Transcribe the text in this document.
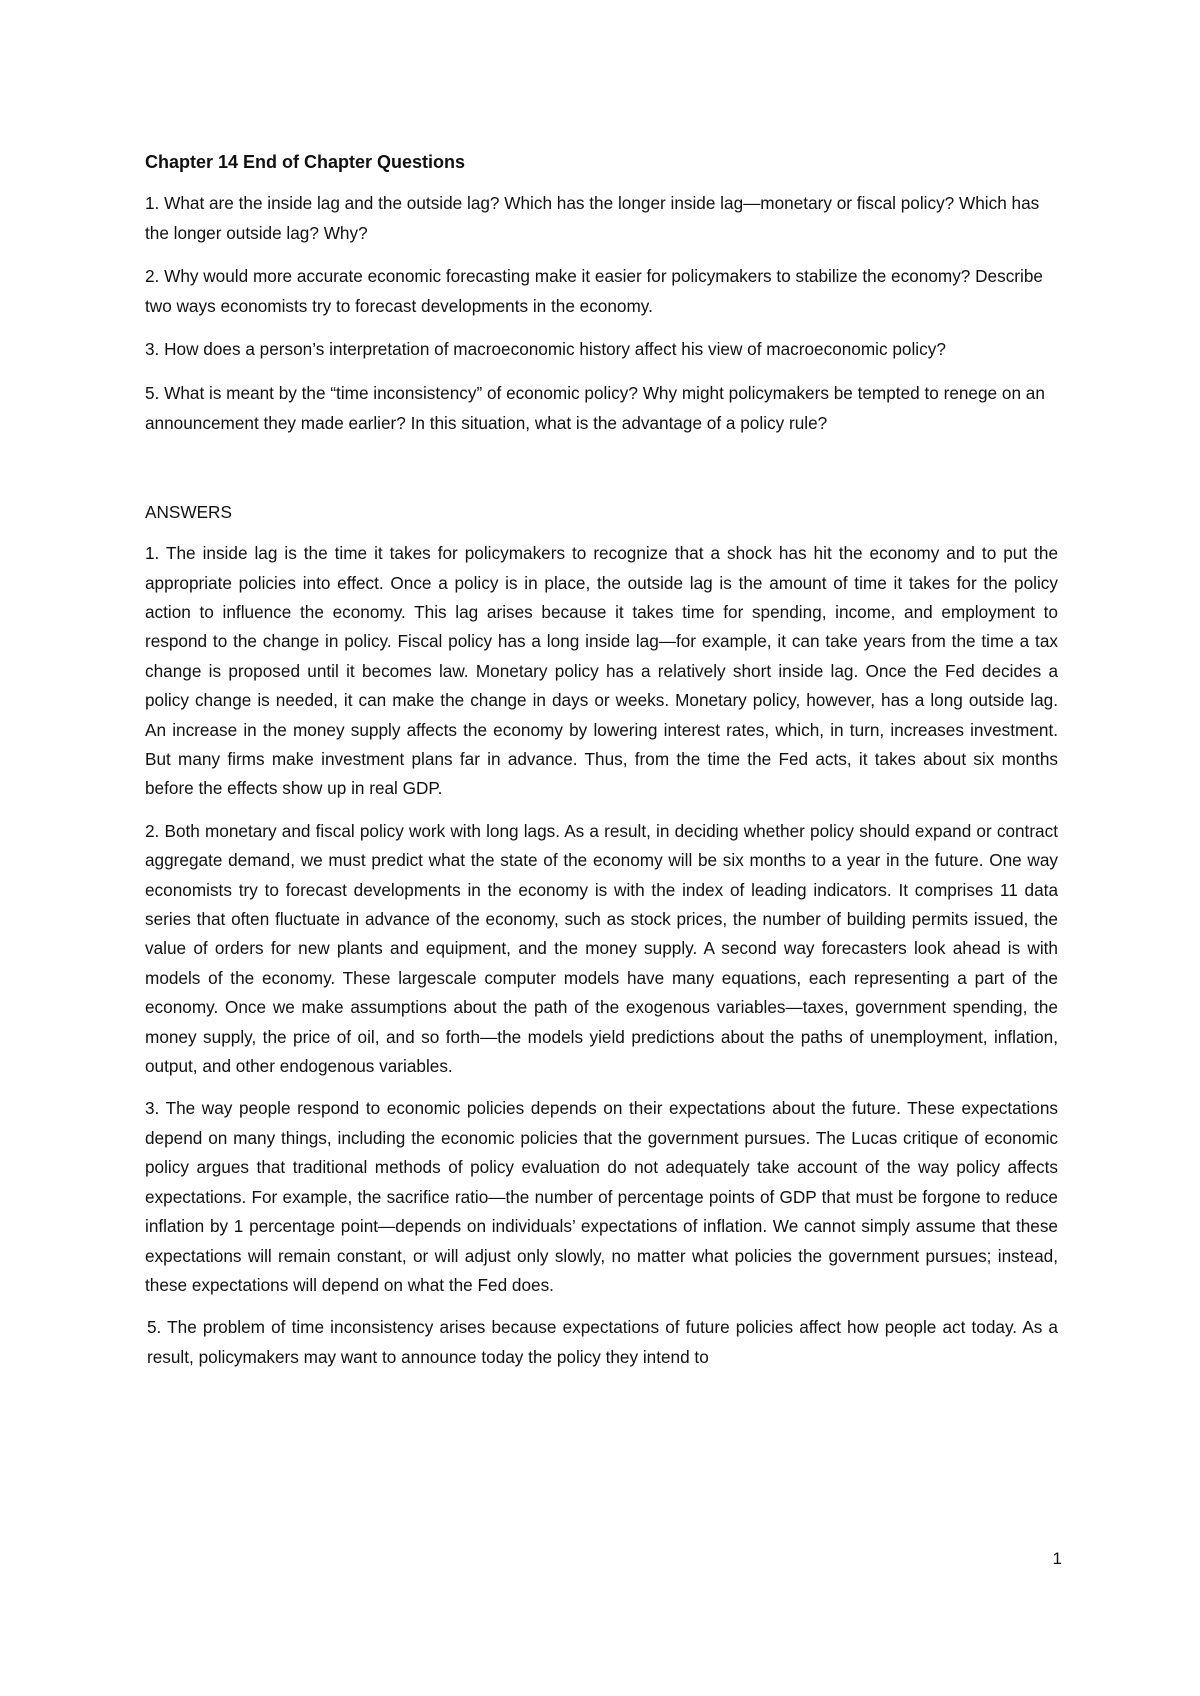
Chapter 14 End of Chapter Questions
1. What are the inside lag and the outside lag? Which has the longer inside lag—monetary or fiscal policy? Which has the longer outside lag? Why?
2. Why would more accurate economic forecasting make it easier for policymakers to stabilize the economy? Describe two ways economists try to forecast developments in the economy.
3. How does a person’s interpretation of macroeconomic history affect his view of macroeconomic policy?
5. What is meant by the “time inconsistency” of economic policy? Why might policymakers be tempted to renege on an announcement they made earlier? In this situation, what is the advantage of a policy rule?
ANSWERS
1. The inside lag is the time it takes for policymakers to recognize that a shock has hit the economy and to put the appropriate policies into effect. Once a policy is in place, the outside lag is the amount of time it takes for the policy action to influence the economy. This lag arises because it takes time for spending, income, and employment to respond to the change in policy. Fiscal policy has a long inside lag—for example, it can take years from the time a tax change is proposed until it becomes law. Monetary policy has a relatively short inside lag. Once the Fed decides a policy change is needed, it can make the change in days or weeks. Monetary policy, however, has a long outside lag. An increase in the money supply affects the economy by lowering interest rates, which, in turn, increases investment. But many firms make investment plans far in advance. Thus, from the time the Fed acts, it takes about six months before the effects show up in real GDP.
2. Both monetary and fiscal policy work with long lags. As a result, in deciding whether policy should expand or contract aggregate demand, we must predict what the state of the economy will be six months to a year in the future. One way economists try to forecast developments in the economy is with the index of leading indicators. It comprises 11 data series that often fluctuate in advance of the economy, such as stock prices, the number of building permits issued, the value of orders for new plants and equipment, and the money supply. A second way forecasters look ahead is with models of the economy. These largescale computer models have many equations, each representing a part of the economy. Once we make assumptions about the path of the exogenous variables—taxes, government spending, the money supply, the price of oil, and so forth—the models yield predictions about the paths of unemployment, inflation, output, and other endogenous variables.
3. The way people respond to economic policies depends on their expectations about the future. These expectations depend on many things, including the economic policies that the government pursues. The Lucas critique of economic policy argues that traditional methods of policy evaluation do not adequately take account of the way policy affects expectations. For example, the sacrifice ratio—the number of percentage points of GDP that must be forgone to reduce inflation by 1 percentage point—depends on individuals’ expectations of inflation. We cannot simply assume that these expectations will remain constant, or will adjust only slowly, no matter what policies the government pursues; instead, these expectations will depend on what the Fed does.
5. The problem of time inconsistency arises because expectations of future policies affect how people act today. As a result, policymakers may want to announce today the policy they intend to
1
